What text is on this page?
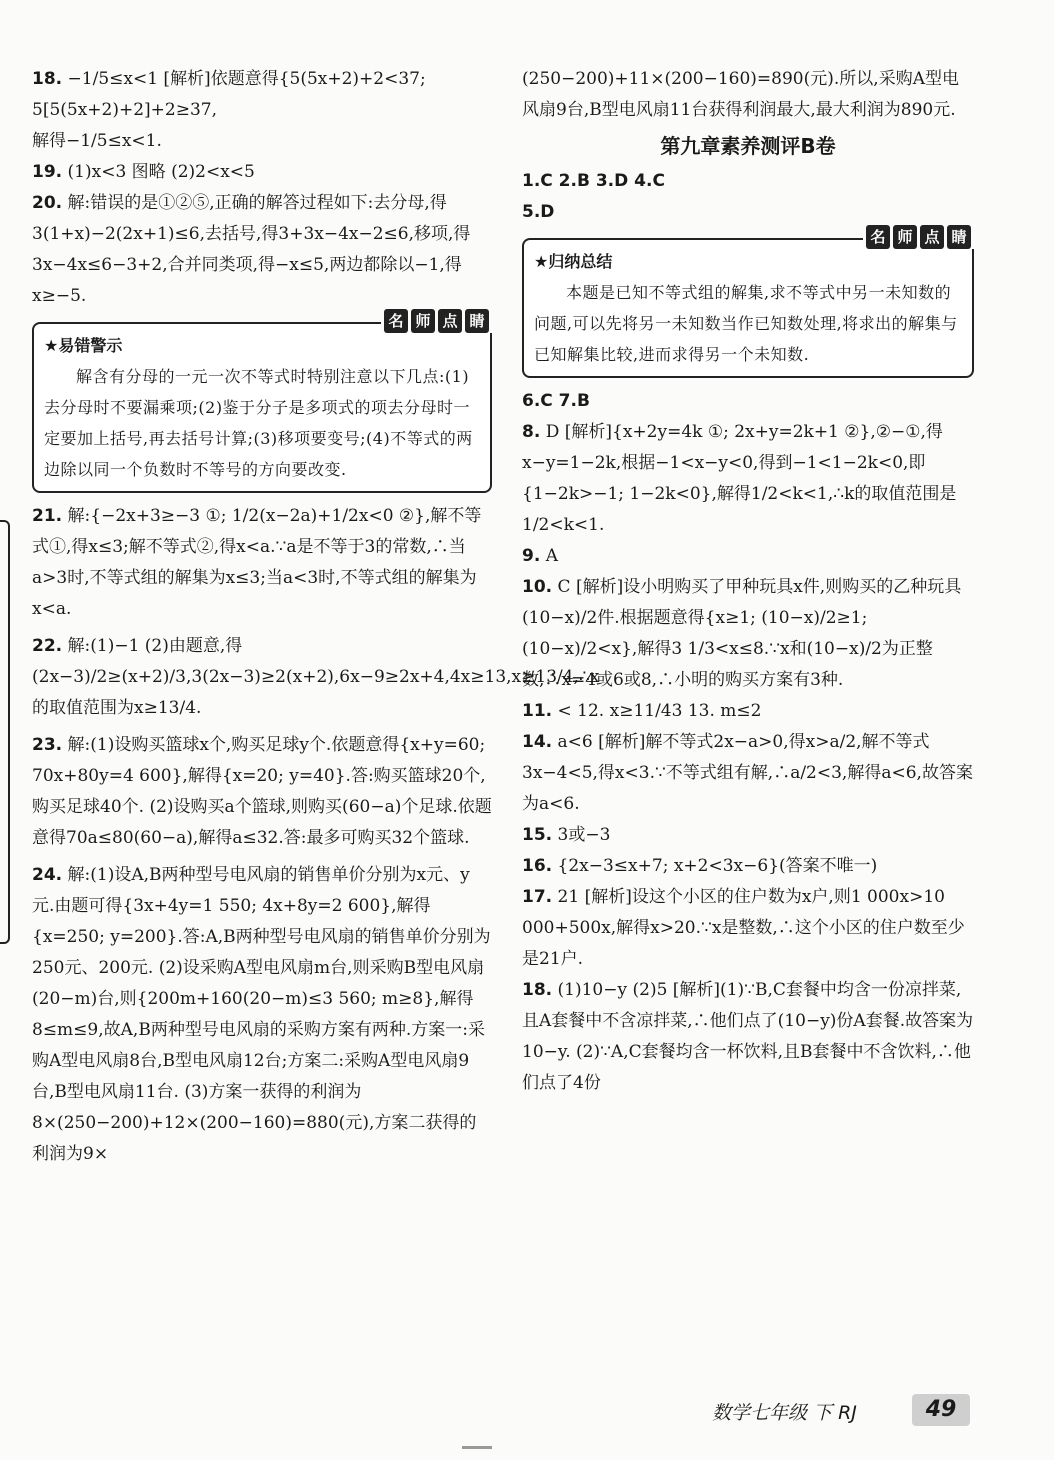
18. −1/5≤x<1 [解析]依题意得{5(5x+2)+2<37; 5[5(5x+2)+2]+2≥37,

解得−1/5≤x<1.

19. (1)x<3 图略 (2)2<x<5

20. 解:错误的是①②⑤,正确的解答过程如下:去分母,得3(1+x)−2(2x+1)≤6,去括号,得3+3x−4x−2≤6,移项,得3x−4x≤6−3+2,合并同类项,得−x≤5,两边都除以−1,得x≥−5.

名 师 点 睛
★易错警示
解含有分母的一元一次不等式时特别注意以下几点:(1)去分母时不要漏乘项;(2)鉴于分子是多项式的项去分母时一定要加上括号,再去括号计算;(3)移项要变号;(4)不等式的两边除以同一个负数时不等号的方向要改变.

21. 解:{−2x+3≥−3 ①; 1/2(x−2a)+1/2x<0 ②},解不等式①,得x≤3;解不等式②,得x<a.∵a是不等于3的常数,∴当a>3时,不等式组的解集为x≤3;当a<3时,不等式组的解集为x<a.

22. 解:(1)−1 (2)由题意,得(2x−3)/2≥(x+2)/3,3(2x−3)≥2(x+2),6x−9≥2x+4,4x≥13,x≥13/4,∴x的取值范围为x≥13/4.

23. 解:(1)设购买篮球x个,购买足球y个.依题意得{x+y=60; 70x+80y=4 600},解得{x=20; y=40}.答:购买篮球20个,购买足球40个. (2)设购买a个篮球,则购买(60−a)个足球.依题意得70a≤80(60−a),解得a≤32.答:最多可购买32个篮球.

24. 解:(1)设A,B两种型号电风扇的销售单价分别为x元、y元.由题可得{3x+4y=1 550; 4x+8y=2 600},解得{x=250; y=200}.答:A,B两种型号电风扇的销售单价分别为250元、200元. (2)设采购A型电风扇m台,则采购B型电风扇(20−m)台,则{200m+160(20−m)≤3 560; m≥8},解得8≤m≤9,故A,B两种型号电风扇的采购方案有两种.方案一:采购A型电风扇8台,B型电风扇12台;方案二:采购A型电风扇9台,B型电风扇11台. (3)方案一获得的利润为8×(250−200)+12×(200−160)=880(元),方案二获得的利润为9×

(250−200)+11×(200−160)=890(元).所以,采购A型电风扇9台,B型电风扇11台获得利润最大,最大利润为890元.

第九章素养测评B卷

1.C 2.B 3.D 4.C

5.D

名 师 点 睛
★归纳总结
本题是已知不等式组的解集,求不等式中另一未知数的问题,可以先将另一未知数当作已知数处理,将求出的解集与已知解集比较,进而求得另一个未知数.

6.C 7.B

8. D [解析]{x+2y=4k ①; 2x+y=2k+1 ②},②−①,得x−y=1−2k,根据−1<x−y<0,得到−1<1−2k<0,即{1−2k>−1; 1−2k<0},解得1/2<k<1,∴k的取值范围是1/2<k<1.

9. A

10. C [解析]设小明购买了甲种玩具x件,则购买的乙种玩具(10−x)/2件.根据题意得{x≥1; (10−x)/2≥1; (10−x)/2<x},解得3 1/3<x≤8.∵x和(10−x)/2为正整数,∴x=4或6或8,∴小明的购买方案有3种.

11. < 12. x≥11/43 13. m≤2

14. a<6 [解析]解不等式2x−a>0,得x>a/2,解不等式3x−4<5,得x<3.∵不等式组有解,∴a/2<3,解得a<6,故答案为a<6.

15. 3或−3

16. {2x−3≤x+7; x+2<3x−6}(答案不唯一)

17. 21 [解析]设这个小区的住户数为x户,则1 000x>10 000+500x,解得x>20.∵x是整数,∴这个小区的住户数至少是21户.

18. (1)10−y (2)5 [解析](1)∵B,C套餐中均含一份凉拌菜,且A套餐中不含凉拌菜,∴他们点了(10−y)份A套餐.故答案为10−y. (2)∵A,C套餐均含一杯饮料,且B套餐中不含饮料,∴他们点了4份

数学七年级 下 RJ	49
